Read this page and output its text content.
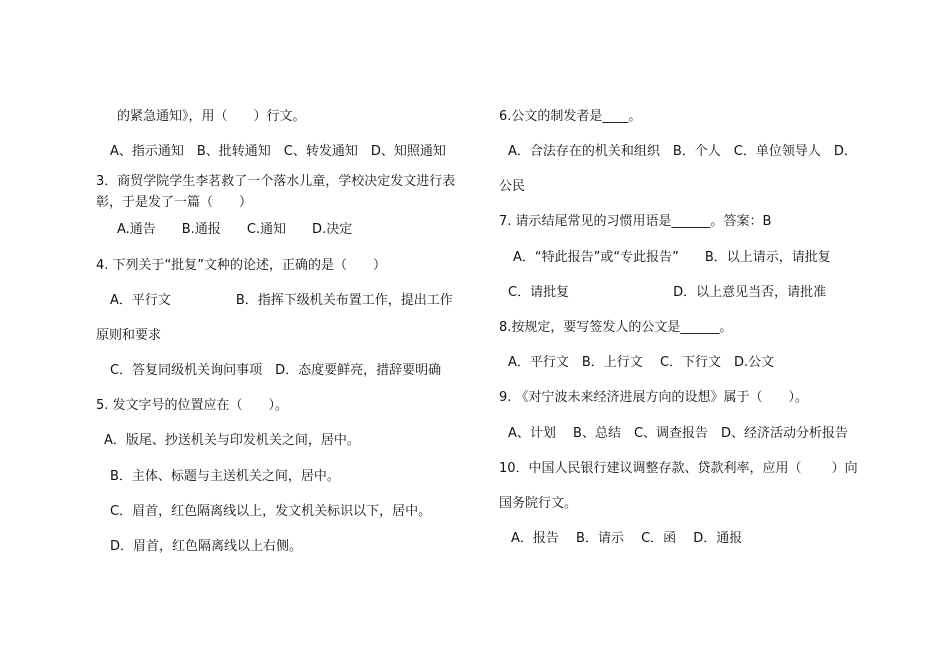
的紧急通知》，用（　　）行文。
A、指示通知　B、批转通知　C、转发通知　D、知照通知
3．商贸学院学生李茗救了一个落水儿童，学校决定发文进行表
彰，于是发了一篇（　　）
A.通告　　B.通报　　C.通知　　D.决定
4. 下列关于“批复”文种的论述，正确的是（　　）
A．平行文　　　　　B．指挥下级机关布置工作，提出工作
原则和要求
C．答复同级机关询问事项　D．态度要鲜亮，措辞要明确
5. 发文字号的位置应在（　　）。
A．版尾、抄送机关与印发机关之间，居中。
B．主体、标题与主送机关之间，居中。
C．眉首，红色隔离线以上，发文机关标识以下，居中。
D．眉首，红色隔离线以上右侧。
6.公文的制发者是____。
A．合法存在的机关和组织　B．个人　C．单位领导人　D．
公民
7. 请示结尾常见的习惯用语是______。答案：B
A．“特此报告”或“专此报告”　　B．以上请示，请批复
C．请批复　　　　　　　　D．以上意见当否，请批准
8.按规定，要写签发人的公文是______。
A．平行文　B．上行文　 C．下行文　D.公文
9. 《对宁波未来经济进展方向的设想》属于（　　）。
A、计划　 B、总结　C、调查报告　D、经济活动分析报告
10．中国人民银行建议调整存款、贷款利率，应用（　　 ）向
国务院行文。
A．报告　 B．请示　 C．函　 D．通报
